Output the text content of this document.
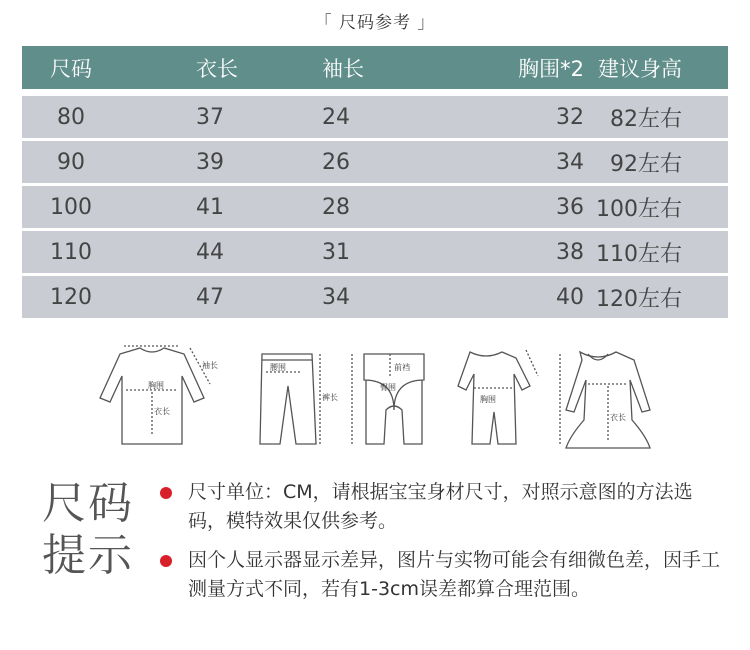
「 尺码参考 」
尺码	衣长	袖长	胸围*2 建议身高
80	37	24	32	82左右
90	39	26	34	92左右
100	41	28	36 100左右
110	44	31	38 110左右
120	47	34	40 120左右
胸围
衣长
袖长	腰围
裤长
臀围
前裆
胸围
衣长
尺码提示
尺寸单位：CM，请根据宝宝身材尺寸，对照示意图的方法选码，模特效果仅供参考。
因个人显示器显示差异，图片与实物可能会有细微色差，因手工测量方式不同，若有1-3cm误差都算合理范围。
